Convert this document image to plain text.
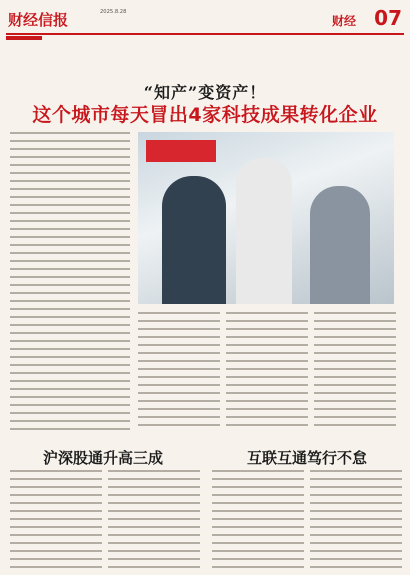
财经信报	2025.8.28
财经 07
“知产”变资产！
这个城市每天冒出4家科技成果转化企业
沪深股通升高三成	互联互通笃行不怠
